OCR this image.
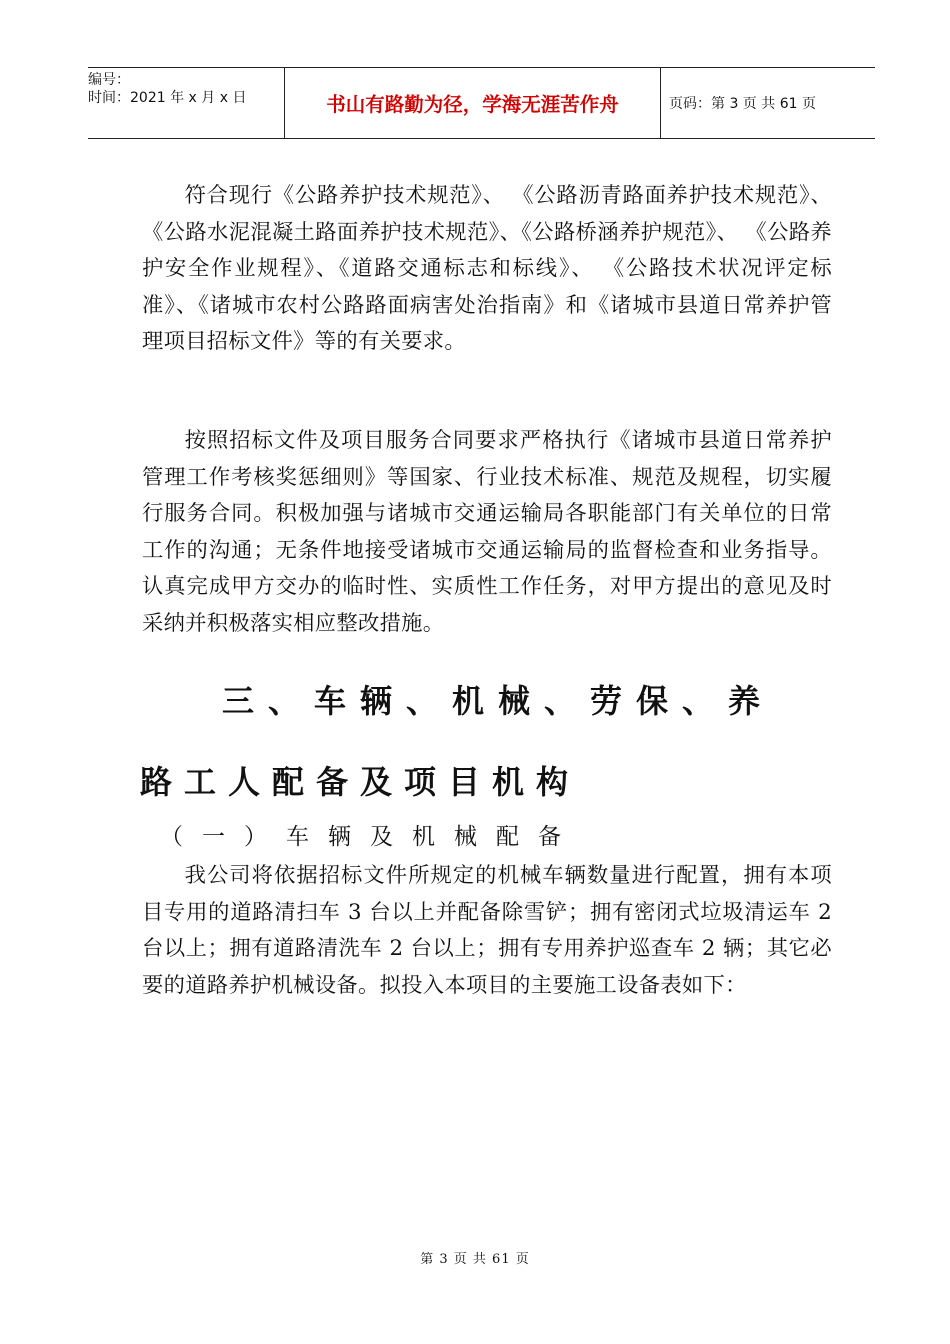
编号：
时间：2021 年 x 月 x 日	书山有路勤为径，学海无涯苦作舟	页码：第 3 页 共 61 页

符合现行《公路养护技术规范》、 《公路沥青路面养护技术规范》、 《公路水泥混凝土路面养护技术规范》、《公路桥涵养护规范》、 《公路养护安全作业规程》、《道路交通标志和标线》、 《公路技术状况评定标准》、《诸城市农村公路路面病害处治指南》和《诸城市县道日常养护管理项目招标文件》等的有关要求。

按照招标文件及项目服务合同要求严格执行《诸城市县道日常养护管理工作考核奖惩细则》等国家、行业技术标准、规范及规程，切实履行服务合同。积极加强与诸城市交通运输局各职能部门有关单位的日常工作的沟通；无条件地接受诸城市交通运输局的监督检查和业务指导。认真完成甲方交办的临时性、实质性工作任务，对甲方提出的意见及时采纳并积极落实相应整改措施。

三、车辆、机械、劳保、养
路工人配备及项目机构
（一）车辆及机械配备

我公司将依据招标文件所规定的机械车辆数量进行配置，拥有本项目专用的道路清扫车 3 台以上并配备除雪铲；拥有密闭式垃圾清运车 2 台以上；拥有道路清洗车 2 台以上；拥有专用养护巡查车 2 辆；其它必要的道路养护机械设备。拟投入本项目的主要施工设备表如下：

第 3 页 共 61 页
